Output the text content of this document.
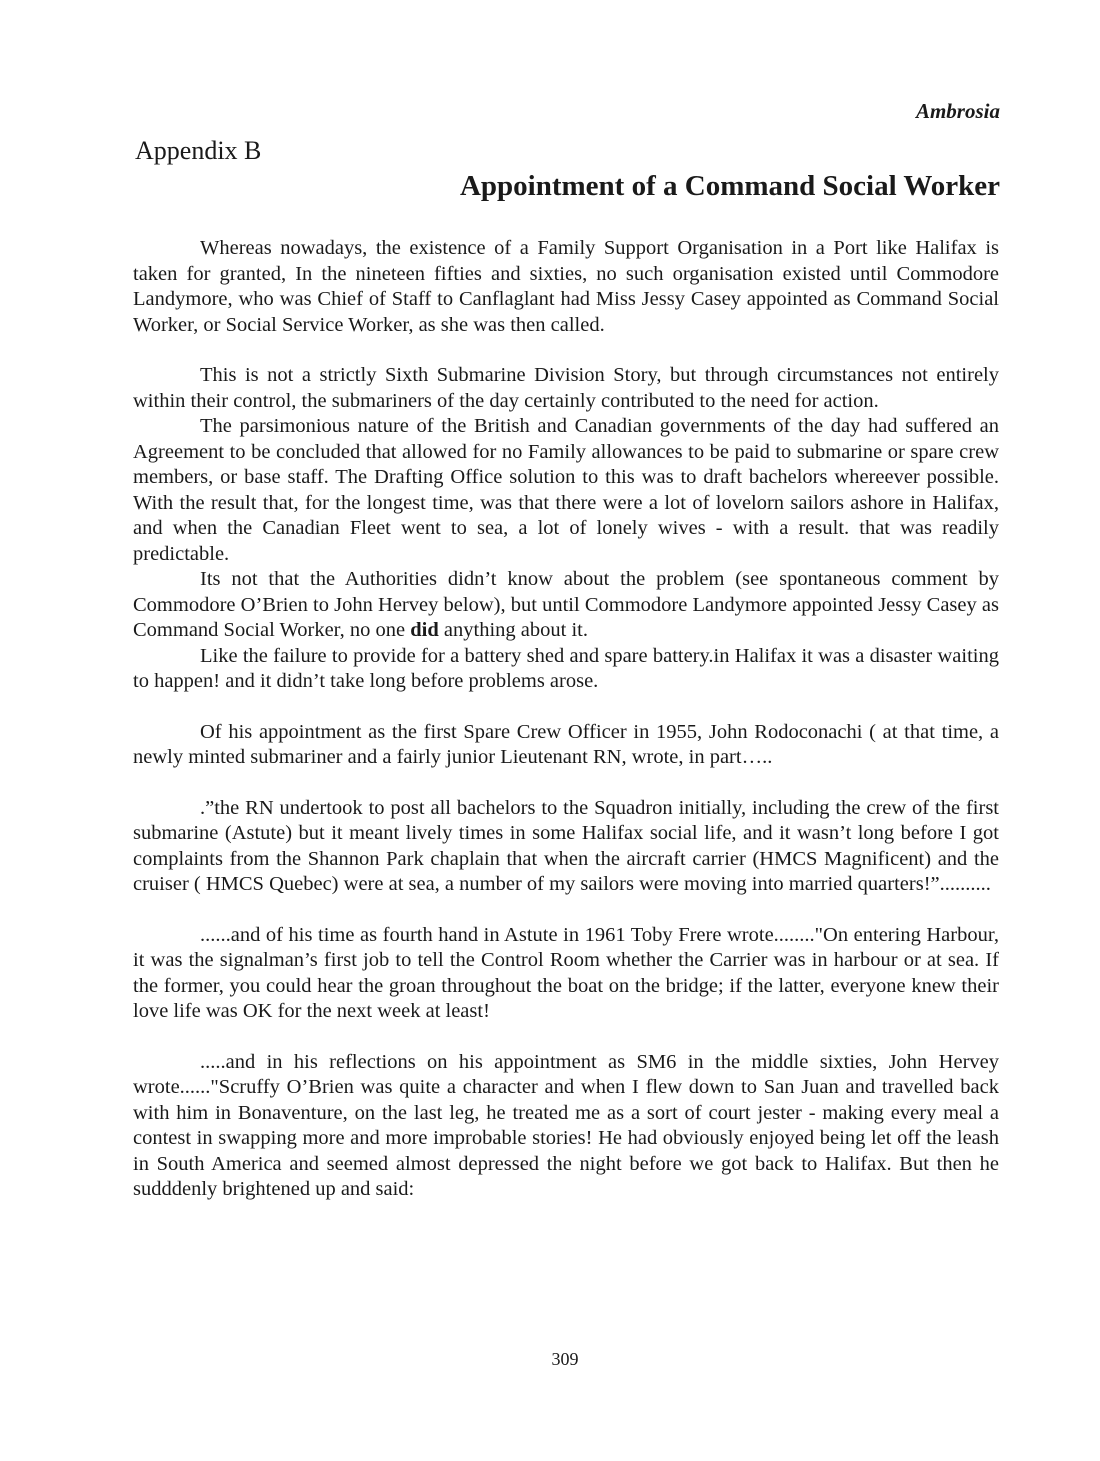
Ambrosia

Appendix B
Appointment of a Command Social Worker

Whereas nowadays, the existence of a Family Support Organisation in a Port like Halifax is taken for granted, In the nineteen fifties and sixties, no such organisation existed until Commodore Landymore, who was Chief of Staff to Canflaglant had Miss Jessy Casey appointed as Command Social Worker, or Social Service Worker, as she was then called.

This is not a strictly Sixth Submarine Division Story, but through circumstances not entirely within their control, the submariners of the day certainly contributed to the need for action.

The parsimonious nature of the British and Canadian governments of the day had suffered an Agreement to be concluded that allowed for no Family allowances to be paid to submarine or spare crew members, or base staff. The Drafting Office solution to this was to draft bachelors whereever possible. With the result that, for the longest time, was that there were a lot of lovelorn sailors ashore in Halifax, and when the Canadian Fleet went to sea, a lot of lonely wives - with a result. that was readily predictable.

Its not that the Authorities didn’t know about the problem (see spontaneous comment by Commodore O’Brien to John Hervey below), but until Commodore Landymore appointed Jessy Casey as Command Social Worker, no one did anything about it.

Like the failure to provide for a battery shed and spare battery.in Halifax it was a disaster waiting to happen! and it didn’t take long before problems arose.

Of his appointment as the first Spare Crew Officer in 1955, John Rodoconachi ( at that time, a newly minted submariner and a fairly junior Lieutenant RN, wrote, in part…..

.”the RN undertook to post all bachelors to the Squadron initially, including the crew of the first submarine (Astute) but it meant lively times in some Halifax social life, and it wasn’t long before I got complaints from the Shannon Park chaplain that when the aircraft carrier (HMCS Magnificent) and the cruiser ( HMCS Quebec) were at sea, a number of my sailors were moving into married quarters!”..........

......and of his time as fourth hand in Astute in 1961 Toby Frere wrote........"On entering Harbour, it was the signalman’s first job to tell the Control Room whether the Carrier was in harbour or at sea. If the former, you could hear the groan throughout the boat on the bridge; if the latter, everyone knew their love life was OK for the next week at least!

.....and in his reflections on his appointment as SM6 in the middle sixties, John Hervey wrote......"Scruffy O’Brien was quite a character and when I flew down to San Juan and travelled back with him in Bonaventure, on the last leg, he treated me as a sort of court jester - making every meal a contest in swapping more and more improbable stories! He had obviously enjoyed being let off the leash in South America and seemed almost depressed the night before we got back to Halifax. But then he sudddenly brightened up and said:

309
